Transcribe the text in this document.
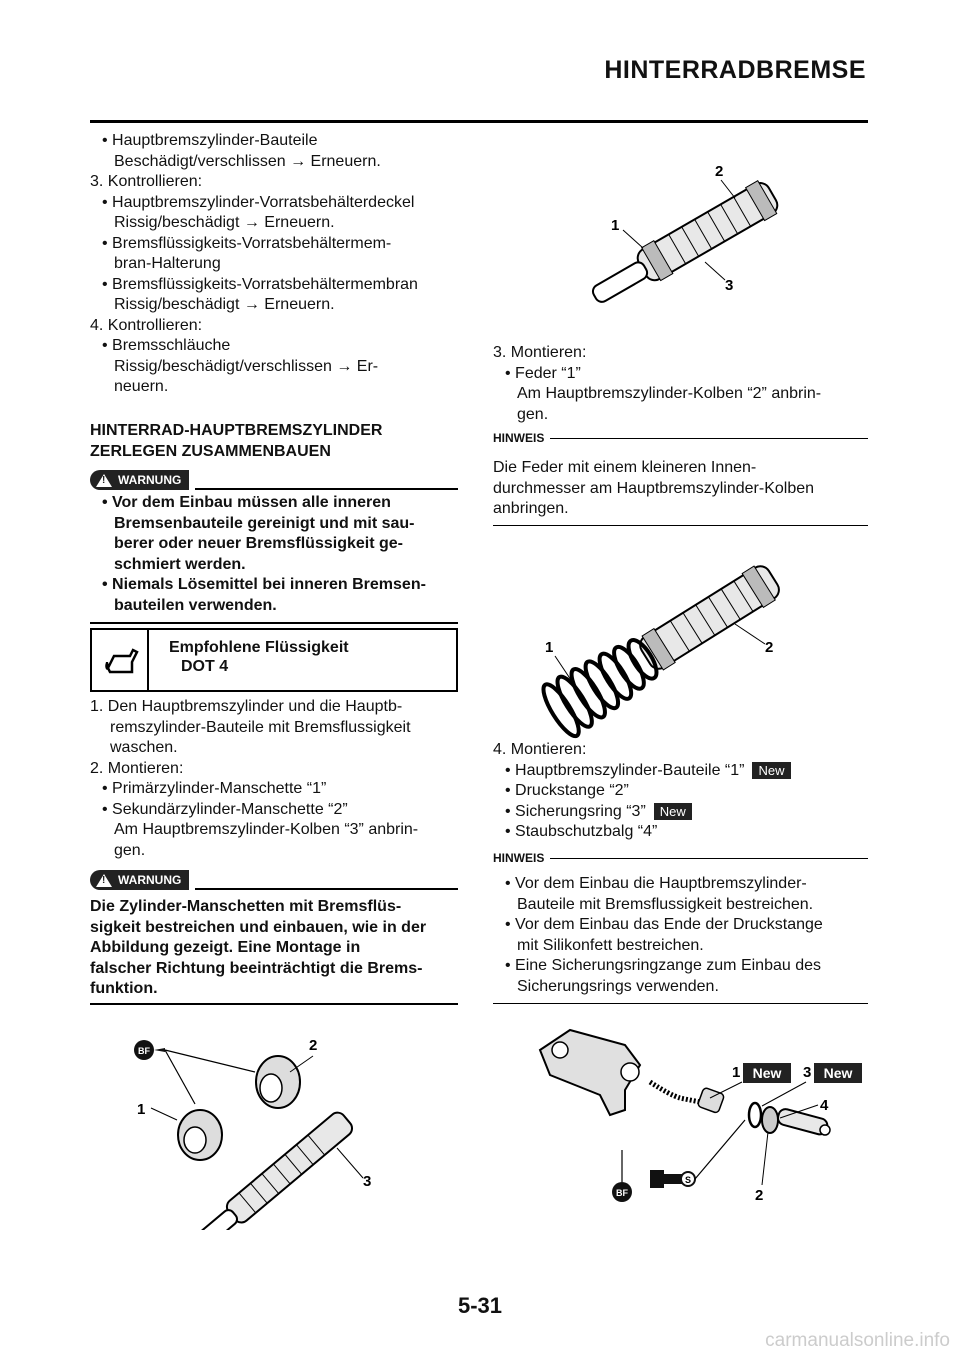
HINTERRADBREMSE

• Hauptbremszylinder-Bauteile

Beschädigt/verschlissen → Erneuern.

3. Kontrollieren:

• Hauptbremszylinder-Vorratsbehälterdeckel

Rissig/beschädigt → Erneuern.

• Bremsflüssigkeits-Vorratsbehältermem-

bran-Halterung

• Bremsflüssigkeits-Vorratsbehältermembran

Rissig/beschädigt → Erneuern.

4. Kontrollieren:

• Bremsschläuche

Rissig/beschädigt/verschlissen → Er-

neuern.

HINTERRAD-HAUPTBREMSZYLINDER

ZERLEGEN ZUSAMMENBAUEN

!
WARNUNG

• Vor dem Einbau müssen alle inneren

Bremsenbauteile gereinigt und mit sau-

berer oder neuer Bremsflüssigkeit ge-

schmiert werden.

• Niemals Lösemittel bei inneren Bremsen-

bauteilen verwenden.

Empfohlene Flüssigkeit
DOT 4

1. Den Hauptbremszylinder und die Hauptb-

remszylinder-Bauteile mit Bremsflussigkeit

waschen.

2. Montieren:

• Primärzylinder-Manschette “1”

• Sekundärzylinder-Manschette “2”

Am Hauptbremszylinder-Kolben “3” anbrin-

gen.

!
WARNUNG

Die Zylinder-Manschetten mit Bremsflüs-

sigkeit bestreichen und einbauen, wie in der

Abbildung gezeigt. Eine Montage in

falscher Richtung beeinträchtigt die Brems-

funktion.

BF	2
1
3
2
1
3

3. Montieren:

• Feder “1”

Am Hauptbremszylinder-Kolben “2” anbrin-

gen.

HINWEIS

Die Feder mit einem kleineren Innen-

durchmesser am Hauptbremszylinder-Kolben

anbringen.

1	2

4. Montieren:

• Hauptbremszylinder-Bauteile “1” New

• Druckstange “2”

• Sicherungsring “3” New

• Staubschutzbalg “4”

HINWEIS

• Vor dem Einbau die Hauptbremszylinder-

Bauteile mit Bremsflussigkeit bestreichen.

• Vor dem Einbau das Ende der Druckstange

mit Silikonfett bestreichen.

• Eine Sicherungsringzange zum Einbau des

Sicherungsrings verwenden.

BF
S
1 New 3 New
4
2
5-31
carmanualsonline.info
